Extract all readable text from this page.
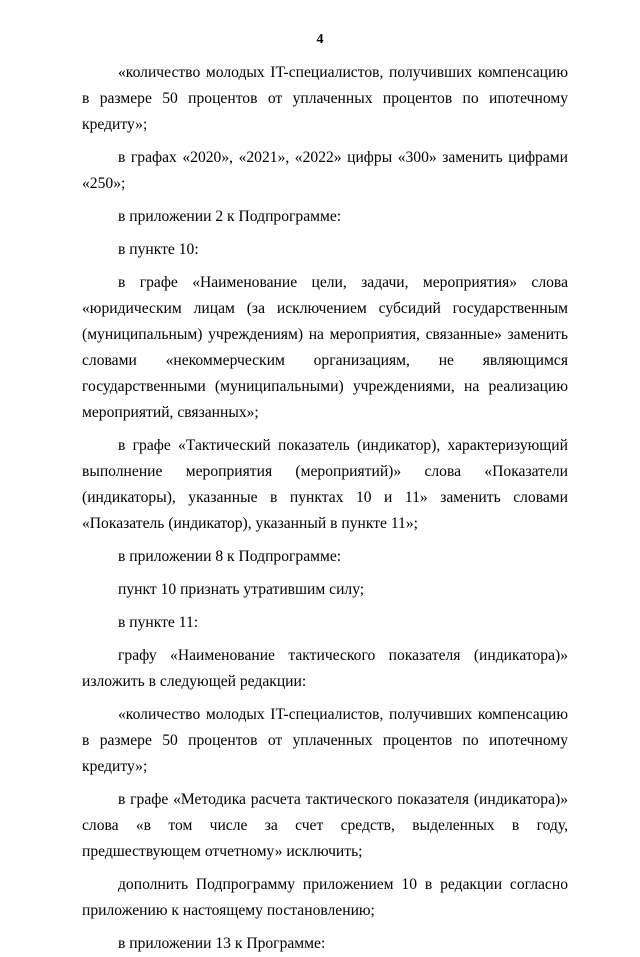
4

«количество молодых IT-специалистов, получивших компенсацию в размере 50 процентов от уплаченных процентов по ипотечному кредиту»;

в графах «2020», «2021», «2022» цифры «300» заменить цифрами «250»;

в приложении 2 к Подпрограмме:

в пункте 10:

в графе «Наименование цели, задачи, мероприятия» слова «юридическим лицам (за исключением субсидий государственным (муниципальным) учреждениям) на мероприятия, связанные» заменить словами «некоммерческим организациям, не являющимся государственными (муниципальными) учреждениями, на реализацию мероприятий, связанных»;

в графе «Тактический показатель (индикатор), характеризующий выполнение мероприятия (мероприятий)» слова «Показатели (индикаторы), указанные в пунктах 10 и 11» заменить словами «Показатель (индикатор), указанный в пункте 11»;

в приложении 8 к Подпрограмме:

пункт 10 признать утратившим силу;

в пункте 11:

графу «Наименование тактического показателя (индикатора)» изложить в следующей редакции:

«количество молодых IT-специалистов, получивших компенсацию в размере 50 процентов от уплаченных процентов по ипотечному кредиту»;

в графе «Методика расчета тактического показателя (индикатора)» слова «в том числе за счет средств, выделенных в году, предшествующем отчетному» исключить;

дополнить Подпрограмму приложением 10 в редакции согласно приложению к настоящему постановлению;

в приложении 13 к Программе:
